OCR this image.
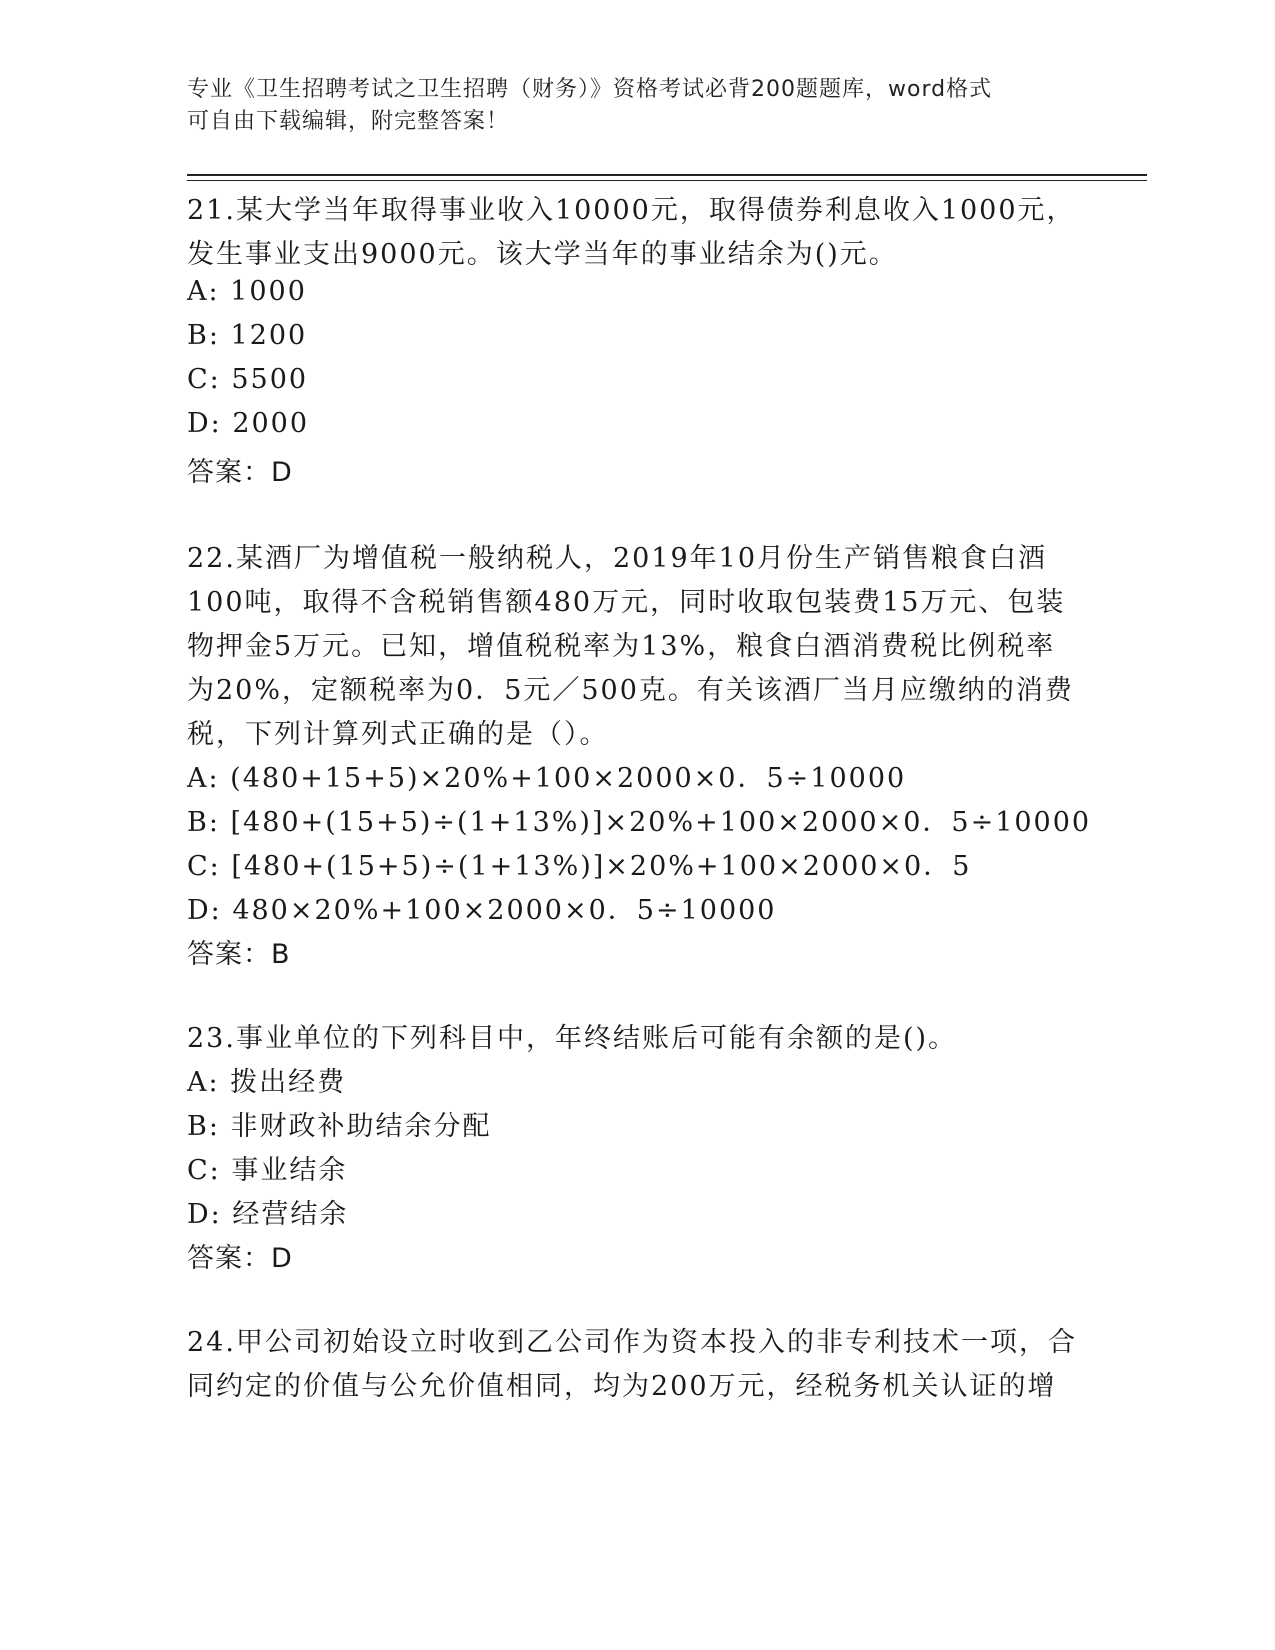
专业《卫生招聘考试之卫生招聘（财务）》资格考试必背200题题库，word格式
可自由下载编辑，附完整答案！
21.某大学当年取得事业收入10000元，取得债券利息收入1000元，
发生事业支出9000元。该大学当年的事业结余为()元。
A: 1000
B: 1200
C: 5500
D: 2000
答案：D
22.某酒厂为增值税一般纳税人，2019年10月份生产销售粮食白酒
100吨，取得不含税销售额480万元，同时收取包装费15万元、包装
物押金5万元。已知，增值税税率为13%，粮食白酒消费税比例税率
为20%，定额税率为0．5元／500克。有关该酒厂当月应缴纳的消费
税，下列计算列式正确的是（）。
A: (480+15+5)×20%+100×2000×0．5÷10000
B: [480+(15+5)÷(1+13%)]×20%+100×2000×0．5÷10000
C: [480+(15+5)÷(1+13%)]×20%+100×2000×0．5
D: 480×20%+100×2000×0．5÷10000
答案：B
23.事业单位的下列科目中，年终结账后可能有余额的是()。
A: 拨出经费
B: 非财政补助结余分配
C: 事业结余
D: 经营结余
答案：D
24.甲公司初始设立时收到乙公司作为资本投入的非专利技术一项，合
同约定的价值与公允价值相同，均为200万元，经税务机关认证的增
